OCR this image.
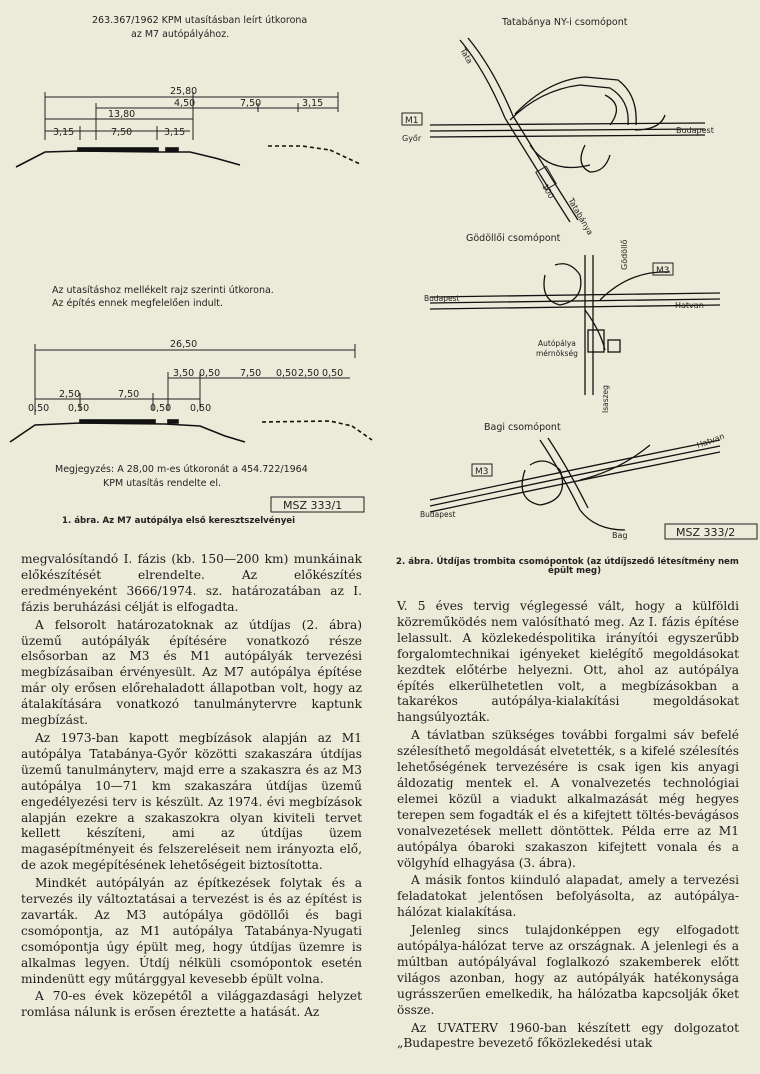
263.367/1962 KPM utasításban leírt útkorona
az M7 autópályához.
25,80
4,50	7,50	3,15
13,80
3,15	7,50	3,15
Az utasításhoz mellékelt rajz szerinti útkorona.
Az építés ennek megfelelően indult.
26,50
3,50 0,50 7,50 0,50 2,50 0,50
2,50	7,50
0,50 0,50	0,50 0,50
Megjegyzés: A 28,00 m-es útkoronát a 454.722/1964
KPM utasítás rendelte el.
MSZ 333/1
1. ábra. Az M7 autópálya első keresztszelvényei
Tatabánya NY-i csomópont
Tata
M1
Győr
Budapest
100
Tatabánya
Gödöllői csomópont
Gödöllő
M3
Budapest
Hatvan
Autópálya
mérnökség
Isaszeg
Bagi csomópont
Hatvan
M3
Budapest
Bag	MSZ 333/2
2. ábra. Útdíjas trombita csomópontok (az útdíjszedő létesítmény nem
épült meg)

megvalósítandó I. fázis (kb. 150—200 km) munkáinak előkészítését elrendelte. Az előkészítés eredményeként 3666/1974. sz. határozatában az I. fázis beruházási célját is elfogadta.

A felsorolt határozatoknak az útdíjas (2. ábra) üzemű autópályák építésére vonatkozó része elsősorban az M3 és M1 autópályák tervezési megbízásaiban érvényesült. Az M7 autópálya építése már oly erősen előrehaladott állapotban volt, hogy az átalakítására vonatkozó tanulmánytervre kaptunk megbízást.

Az 1973-ban kapott megbízások alapján az M1 autópálya Tatabánya-Győr közötti szakaszára útdíjas üzemű tanulmányterv, majd erre a szakaszra és az M3 autópálya 10—71 km szakaszára útdíjas üzemű engedélyezési terv is készült. Az 1974. évi megbízások alapján ezekre a szakaszokra olyan kiviteli tervet kellett készíteni, ami az útdíjas üzem magasépítményeit és felszereléseit nem irányozta elő, de azok megépítésének lehetőségeit biztosította.

Mindkét autópályán az építkezések folytak és a tervezés ily változtatásai a tervezést is és az építést is zavarták. Az M3 autópálya gödöllői és bagi csomópontja, az M1 autópálya Tatabánya-Nyugati csomópontja úgy épült meg, hogy útdíjas üzemre is alkalmas legyen. Útdíj nélküli csomópontok esetén mindenütt egy műtárggyal kevesebb épült volna.

A 70-es évek közepétől a világgazdasági helyzet romlása nálunk is erősen éreztette a hatását. Az

V. 5 éves tervig véglegessé vált, hogy a külföldi közreműködés nem valósítható meg. Az I. fázis építése lelassult. A közlekedéspolitika irányítói egyszerűbb forgalomtechnikai igényeket kielégítő megoldásokat kezdtek előtérbe helyezni. Ott, ahol az autópálya építés elkerülhetetlen volt, a megbízásokban a takarékos autópálya-kialakítási megoldásokat hangsúlyozták.

A távlatban szükséges további forgalmi sáv befelé szélesíthető megoldását elvetették, s a kifelé szélesítés lehetőségének tervezésére is csak igen kis anyagi áldozatig mentek el. A vonalvezetés technológiai elemei közül a viadukt alkalmazását még hegyes terepen sem fogadták el és a kifejtett töltés-bevágásos vonalvezetések mellett döntöttek. Példa erre az M1 autópálya óbaroki szakaszon kifejtett vonala és a völgyhíd elhagyása (3. ábra).

A másik fontos kiinduló alapadat, amely a tervezési feladatokat jelentősen befolyásolta, az autópálya-hálózat kialakítása.

Jelenleg sincs tulajdonképpen egy elfogadott autópálya-hálózat terve az országnak. A jelenlegi és a múltban autópályával foglalkozó szakemberek előtt világos azonban, hogy az autópályák hatékonysága ugrásszerűen emelkedik, ha hálózatba kapcsolják őket össze.

Az UVATERV 1960-ban készített egy dolgozatot „Budapestre bevezető főközlekedési utak
